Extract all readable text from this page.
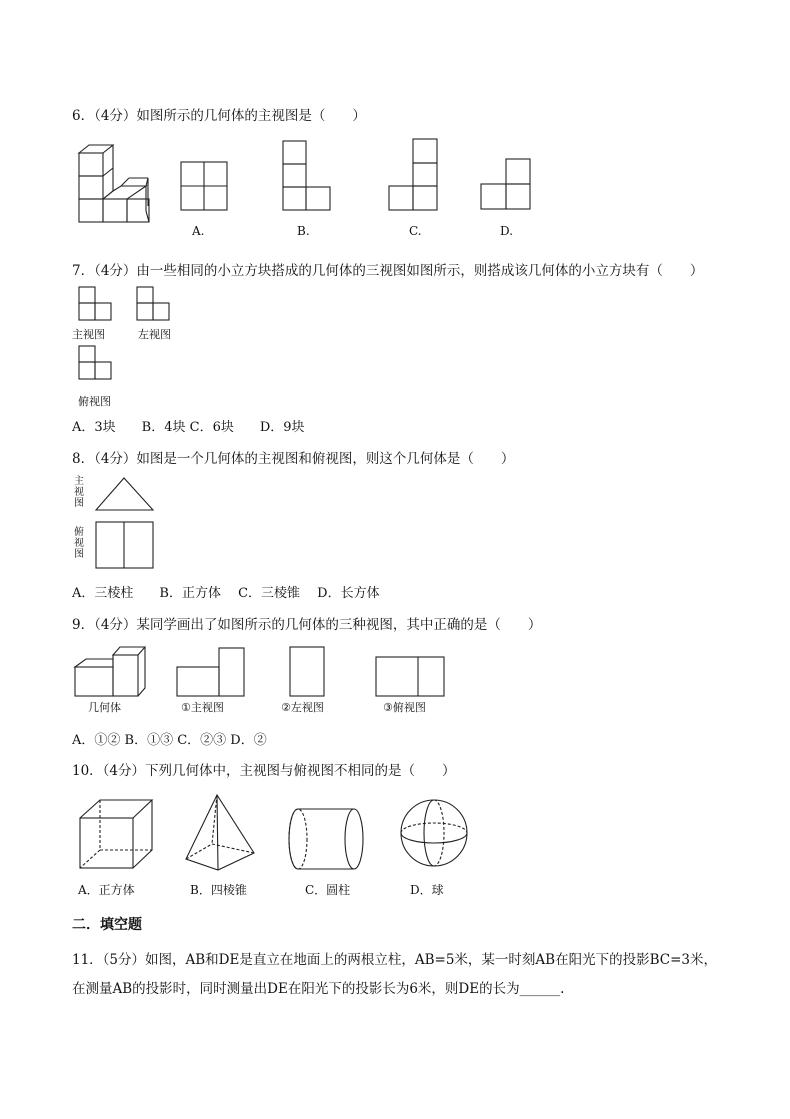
6．（4分）如图所示的几何体的主视图是（　　）
A.	B.	C.	D.
7．（4分）由一些相同的小立方块搭成的几何体的三视图如图所示，则搭成该几何体的小立方块有（　　）
主视图	左视图
俯视图
A．3块　　B．4块 C．6块　　D．9块
8．（4分）如图是一个几何体的主视图和俯视图，则这个几何体是（　　）
主
视
图
俯
视
图
A．三棱柱　　B．正方体　 C．三棱锥　 D．长方体
9．（4分）某同学画出了如图所示的几何体的三种视图，其中正确的是（　　）
几何体	①主视图	②左视图	③俯视图
A．①② B．①③ C．②③ D．②
10．（4分）下列几何体中，主视图与俯视图不相同的是（　　）
A．正方体	B．四棱锥	C．圆柱	D．球
二．填空题
11．（5分）如图，AB和DE是直立在地面上的两根立柱，AB=5米，某一时刻AB在阳光下的投影BC=3米，
在测量AB的投影时，同时测量出DE在阳光下的投影长为6米，则DE的长为______.
